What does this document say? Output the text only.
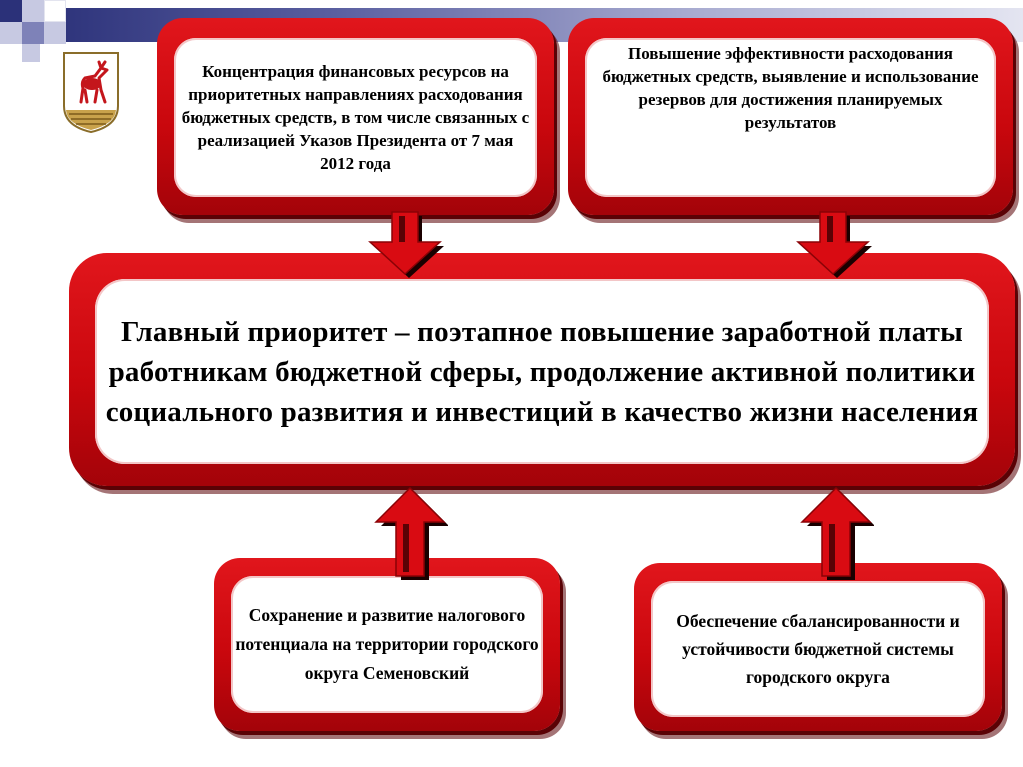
Концентрация финансовых ресурсов на приоритетных направлениях расходования бюджетных средств, в том числе связанных с реализацией Указов Президента от 7 мая 2012 года
Повышение эффективности расходования бюджетных средств, выявление и использование резервов для достижения планируемых результатов
Главный приоритет – поэтапное повышение заработной платы работникам бюджетной сферы, продолжение активной политики социального развития и инвестиций в качество жизни населения
Сохранение и развитие налогового потенциала на территории городского округа Семеновский
Обеспечение сбалансированности и устойчивости бюджетной системы городского округа
